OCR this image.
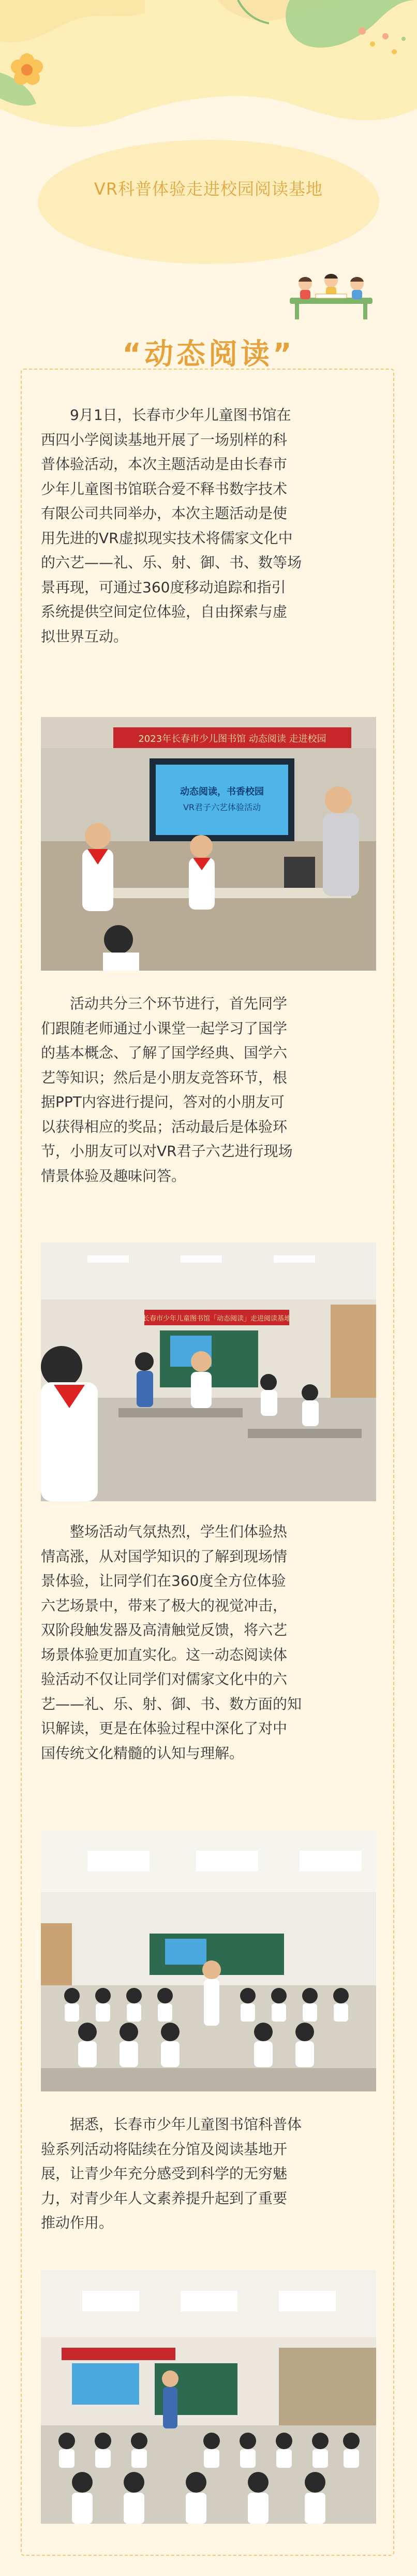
VR科普体验走进校园阅读基地
“动态阅读”

　　9月1日，长春市少年儿童图书馆在
西四小学阅读基地开展了一场别样的科
普体验活动，本次主题活动是由长春市
少年儿童图书馆联合爱不释书数字技术
有限公司共同举办，本次主题活动是使
用先进的VR虚拟现实技术将儒家文化中
的六艺——礼、乐、射、御、书、数等场
景再现，可通过360度移动追踪和指引
系统提供空间定位体验，自由探索与虚
拟世界互动。

2023年长春市少儿图书馆 动态阅读 走进校园
动态阅读，书香校园
VR君子六艺体验活动

　　活动共分三个环节进行，首先同学
们跟随老师通过小课堂一起学习了国学
的基本概念、了解了国学经典、国学六
艺等知识；然后是小朋友竞答环节，根
据PPT内容进行提问，答对的小朋友可
以获得相应的奖品；活动最后是体验环
节，小朋友可以对VR君子六艺进行现场
情景体验及趣味问答。

长春市少年儿童图书馆「动态阅读」走进阅读基地

　　整场活动气氛热烈，学生们体验热
情高涨，从对国学知识的了解到现场情
景体验，让同学们在360度全方位体验
六艺场景中，带来了极大的视觉冲击，
双阶段触发器及高清触觉反馈，将六艺
场景体验更加直实化。这一动态阅读体
验活动不仅让同学们对儒家文化中的六
艺——礼、乐、射、御、书、数方面的知
识解读，更是在体验过程中深化了对中
国传统文化精髓的认知与理解。

　　据悉，长春市少年儿童图书馆科普体
验系列活动将陆续在分馆及阅读基地开
展，让青少年充分感受到科学的无穷魅
力，对青少年人文素养提升起到了重要
推动作用。
